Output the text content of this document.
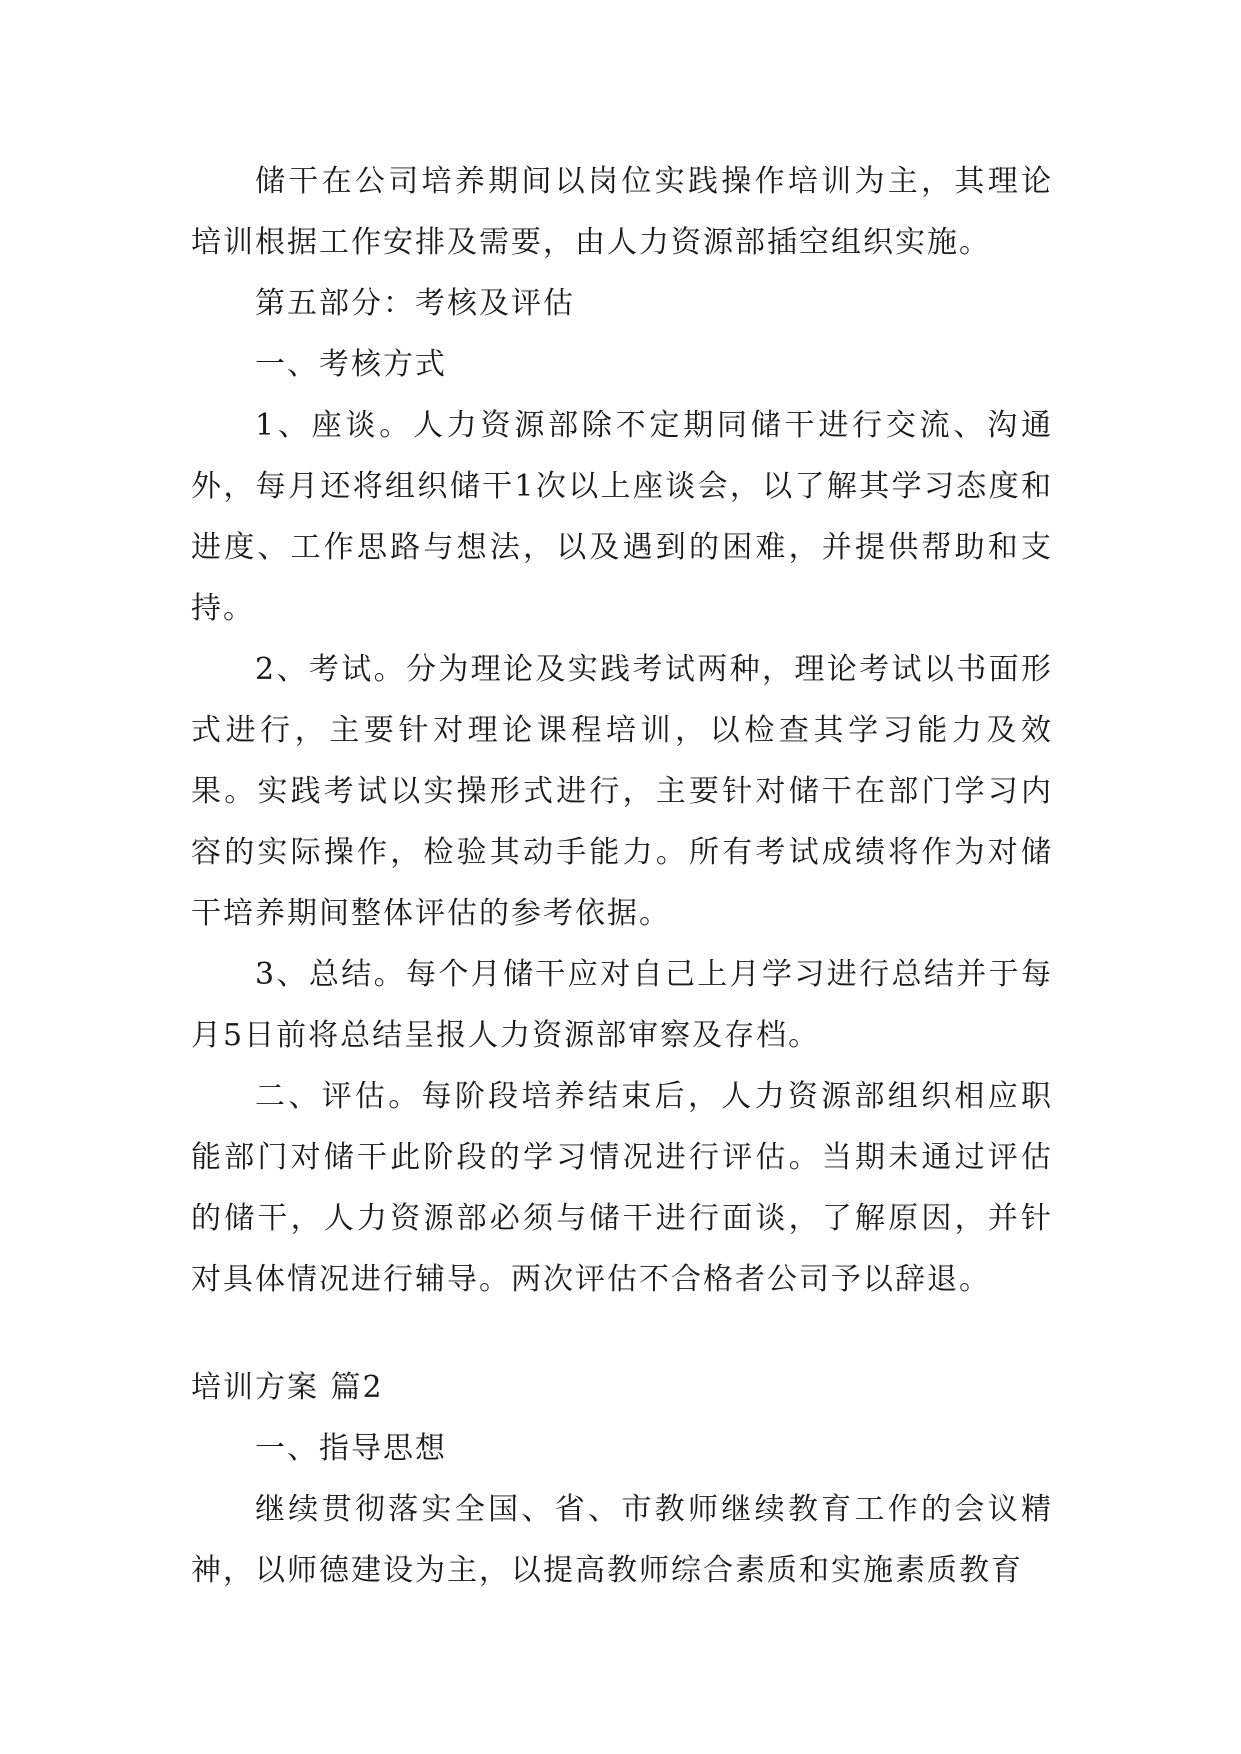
储干在公司培养期间以岗位实践操作培训为主，其理论培训根据工作安排及需要，由人力资源部插空组织实施。

第五部分：考核及评估

一、考核方式

1、座谈。人力资源部除不定期同储干进行交流、沟通外，每月还将组织储干1次以上座谈会，以了解其学习态度和进度、工作思路与想法，以及遇到的困难，并提供帮助和支持。

2、考试。分为理论及实践考试两种，理论考试以书面形式进行，主要针对理论课程培训，以检查其学习能力及效果。实践考试以实操形式进行，主要针对储干在部门学习内容的实际操作，检验其动手能力。所有考试成绩将作为对储干培养期间整体评估的参考依据。

3、总结。每个月储干应对自己上月学习进行总结并于每月5日前将总结呈报人力资源部审察及存档。

二、评估。每阶段培养结束后，人力资源部组织相应职能部门对储干此阶段的学习情况进行评估。当期未通过评估的储干，人力资源部必须与储干进行面谈，了解原因，并针对具体情况进行辅导。两次评估不合格者公司予以辞退。

培训方案 篇2

一、指导思想

继续贯彻落实全国、省、市教师继续教育工作的会议精神，以师德建设为主，以提高教师综合素质和实施素质教育
